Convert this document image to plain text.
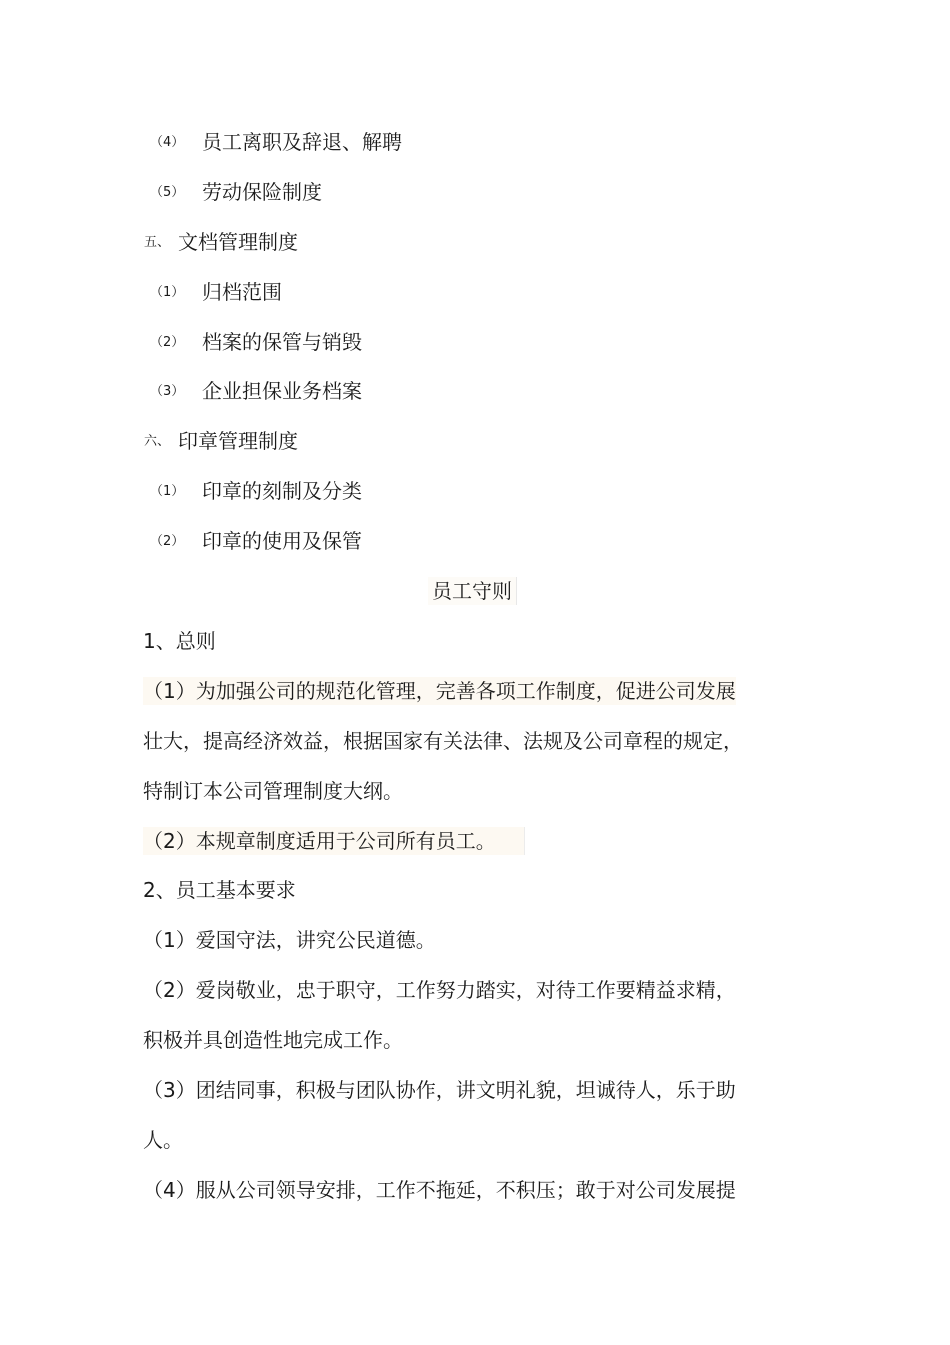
（4） 员工离职及辞退、解聘
（5） 劳动保险制度
五、 文档管理制度
（1） 归档范围
（2） 档案的保管与销毁
（3） 企业担保业务档案
六、 印章管理制度
（1） 印章的刻制及分类
（2） 印章的使用及保管
员工守则
1、总则
（1）为加强公司的规范化管理，完善各项工作制度，促进公司发展
壮大，提高经济效益，根据国家有关法律、法规及公司章程的规定，
特制订本公司管理制度大纲。
（2）本规章制度适用于公司所有员工。
2、员工基本要求
（1）爱国守法，讲究公民道德。
（2）爱岗敬业，忠于职守，工作努力踏实，对待工作要精益求精，
积极并具创造性地完成工作。
（3）团结同事，积极与团队协作，讲文明礼貌，坦诚待人，乐于助
人。
（4）服从公司领导安排，工作不拖延，不积压；敢于对公司发展提
